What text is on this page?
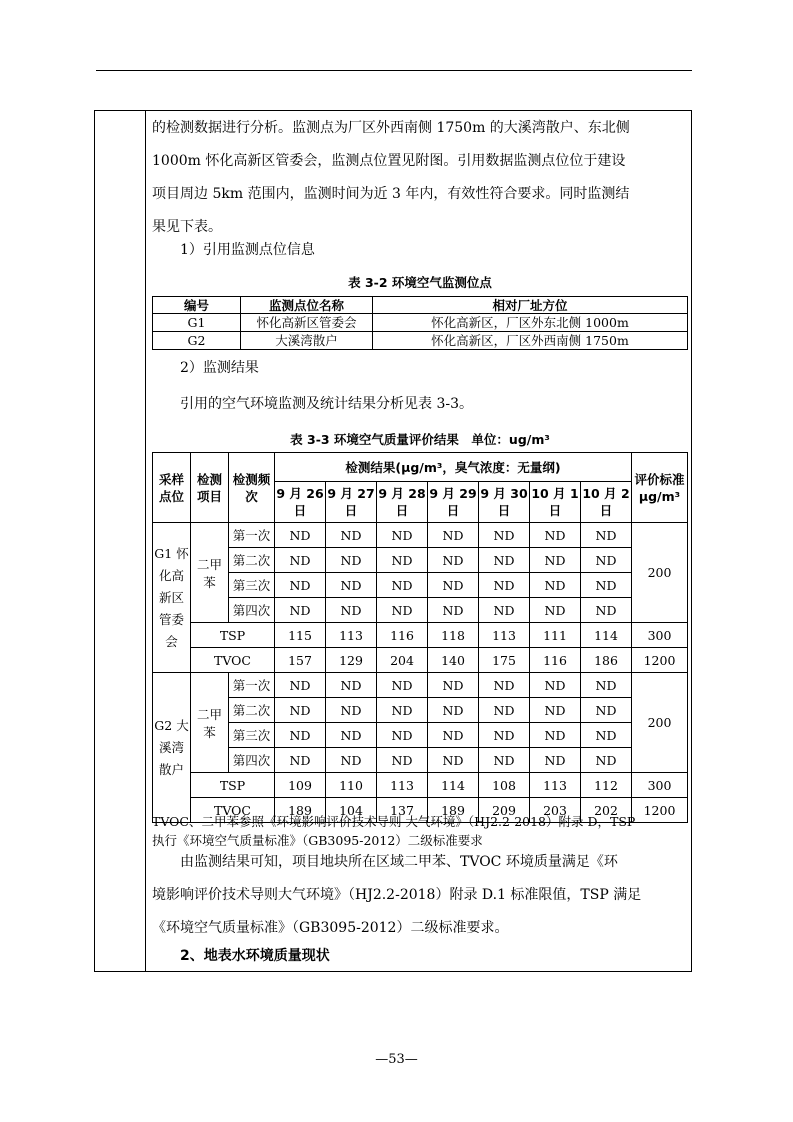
的检测数据进行分析。监测点为厂区外西南侧 1750m 的大溪湾散户、东北侧
1000m 怀化高新区管委会，监测点位置见附图。引用数据监测点位位于建设
项目周边 5km 范围内，监测时间为近 3 年内，有效性符合要求。同时监测结
果见下表。

1）引用监测点位信息

表 3-2 环境空气监测位点

编号	监测点位名称	相对厂址方位
G1	怀化高新区管委会	怀化高新区，厂区外东北侧 1000m
G2	大溪湾散户	怀化高新区，厂区外西南侧 1750m

2）监测结果

引用的空气环境监测及统计结果分析见表 3-3。

表 3-3 环境空气质量评价结果　单位：ug/m³

采样点位	检测项目	检测频次	检测结果(μg/m³，臭气浓度：无量纲)							评价标准μg/m³
			9 月 26 日	9 月 27 日	9 月 28 日	9 月 29 日	9 月 30 日	10 月 1 日	10 月 2 日	
G1 怀化高新区管委会	二甲苯	第一次	ND	ND	ND	ND	ND	ND	ND	200
		第二次	ND	ND	ND	ND	ND	ND	ND	
		第三次	ND	ND	ND	ND	ND	ND	ND	
		第四次	ND	ND	ND	ND	ND	ND	ND	
	TSP		115	113	116	118	113	111	114	300
	TVOC		157	129	204	140	175	116	186	1200
G2 大溪湾散户	二甲苯	第一次	ND	ND	ND	ND	ND	ND	ND	200
		第二次	ND	ND	ND	ND	ND	ND	ND	
		第三次	ND	ND	ND	ND	ND	ND	ND	
		第四次	ND	ND	ND	ND	ND	ND	ND	
	TSP		109	110	113	114	108	113	112	300
	TVOC		189	104	137	189	209	203	202	1200
TVOC、二甲苯参照《环境影响评价技术导则 大气环境》（HJ2.2-2018）附录 D，TSP
执行《环境空气质量标准》（GB3095-2012）二级标准要求
由监测结果可知，项目地块所在区域二甲苯、TVOC 环境质量满足《环
境影响评价技术导则大气环境》（HJ2.2-2018）附录 D.1 标准限值，TSP 满足
《环境空气质量标准》（GB3095-2012）二级标准要求。

2、地表水环境质量现状

—53—
